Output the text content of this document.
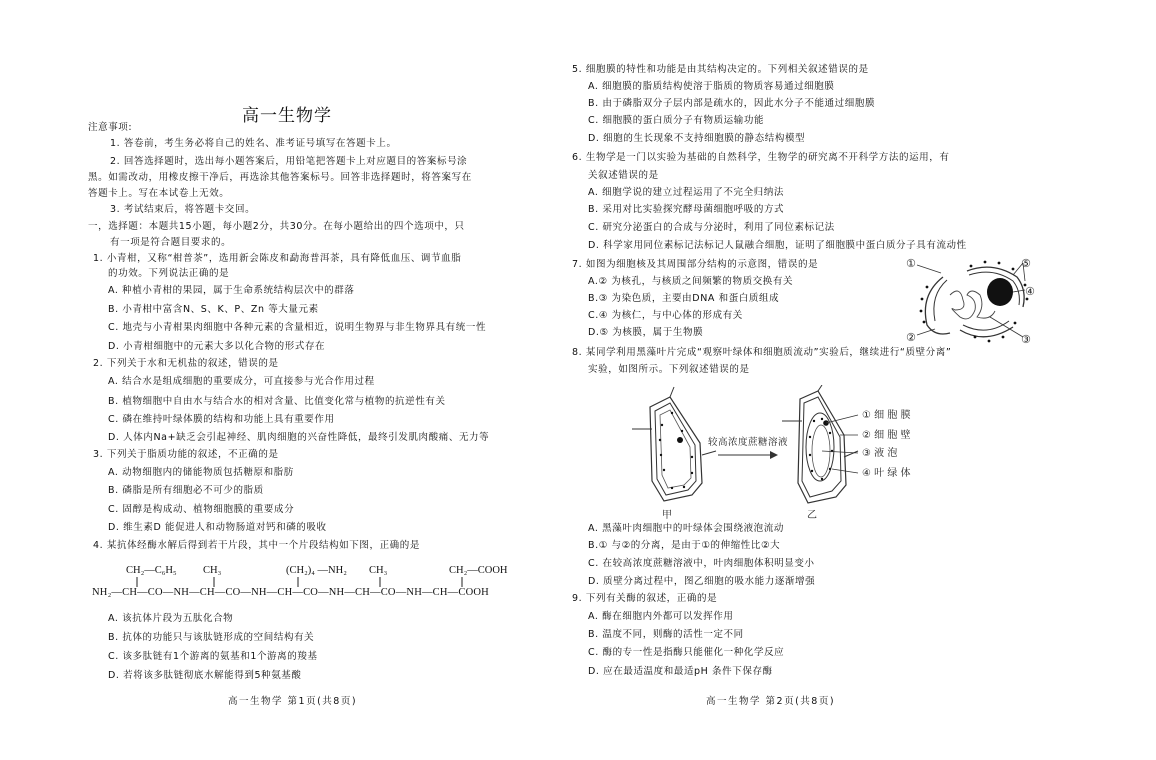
高一生物学
注意事项:
1. 答卷前，考生务必将自己的姓名、准考证号填写在答题卡上。
2. 回答选择题时，选出每小题答案后，用铅笔把答题卡上对应题目的答案标号涂
黑。如需改动，用橡皮擦干净后，再选涂其他答案标号。回答非选择题时，将答案写在
答题卡上。写在本试卷上无效。
3. 考试结束后，将答题卡交回。
一，选择题：本题共15小题，每小题2分，共30分。在每小题给出的四个选项中，只
有一项是符合题目要求的。
1. 小青柑，又称“柑普茶”，选用新会陈皮和勐海普洱茶，具有降低血压、调节血脂
的功效。下列说法正确的是
A. 种植小青柑的果园，属于生命系统结构层次中的群落
B. 小青柑中富含N、S、K、P、Zn 等大量元素
C. 地壳与小青柑果肉细胞中各种元素的含量相近，说明生物界与非生物界具有统一性
D. 小青柑细胞中的元素大多以化合物的形式存在
2. 下列关于水和无机盐的叙述，错误的是
A. 结合水是组成细胞的重要成分，可直接参与光合作用过程
B. 植物细胞中自由水与结合水的相对含量、比值变化常与植物的抗逆性有关
C. 磷在维持叶绿体膜的结构和功能上具有重要作用
D. 人体内Na+缺乏会引起神经、肌肉细胞的兴奋性降低，最终引发肌肉酸痛、无力等
3. 下列关于脂质功能的叙述，不正确的是
A. 动物细胞内的储能物质包括糖原和脂肪
B. 磷脂是所有细胞必不可少的脂质
C. 固醇是构成动、植物细胞膜的重要成分
D. 维生素D 能促进人和动物肠道对钙和磷的吸收
4. 某抗体经酶水解后得到若干片段，其中一个片段结构如下图，正确的是
CH₂—C₆H₅	CH₃	(CH₂)₄ —NH₂ CH₃	CH₂—COOH
NH₂—CH—CO—NH—CH—CO—NH—CH—CO—NH—CH—CO—NH—CH—COOH
A. 该抗体片段为五肽化合物
B. 抗体的功能只与该肽链形成的空间结构有关
C. 该多肽链有1个游离的氨基和1个游离的羧基
D. 若将该多肽链彻底水解能得到5种氨基酸
高一生物学 第1页(共8页)
5. 细胞膜的特性和功能是由其结构决定的。下列相关叙述错误的是
A. 细胞膜的脂质结构使溶于脂质的物质容易通过细胞膜
B. 由于磷脂双分子层内部是疏水的，因此水分子不能通过细胞膜
C. 细胞膜的蛋白质分子有物质运输功能
D. 细胞的生长现象不支持细胞膜的静态结构模型
6. 生物学是一门以实验为基础的自然科学，生物学的研究离不开科学方法的运用，有
关叙述错误的是
A. 细胞学说的建立过程运用了不完全归纳法
B. 采用对比实验探究酵母菌细胞呼吸的方式
C. 研究分泌蛋白的合成与分泌时，利用了同位素标记法
D. 科学家用同位素标记法标记人鼠融合细胞，证明了细胞膜中蛋白质分子具有流动性
7. 如图为细胞核及其周围部分结构的示意图，错误的是
A.② 为核孔，与核质之间频繁的物质交换有关
B.③ 为染色质，主要由DNA 和蛋白质组成
C.④ 为核仁，与中心体的形成有关
D.⑤ 为核膜，属于生物膜
①
②	③
④
⑤
8. 某同学利用黑藻叶片完成“观察叶绿体和细胞质流动”实验后，继续进行“质壁分离”
实验，如图所示。下列叙述错误的是
较高浓度蔗糖溶液
甲	乙
① 细 胞 膜
② 细 胞 壁
③ 液 泡
④ 叶 绿 体
A. 黑藻叶肉细胞中的叶绿体会围绕液泡流动
B.① 与②的分离，是由于①的伸缩性比②大
C. 在较高浓度蔗糖溶液中，叶肉细胞体积明显变小
D. 质壁分离过程中，图乙细胞的吸水能力逐渐增强
9. 下列有关酶的叙述，正确的是
A. 酶在细胞内外都可以发挥作用
B. 温度不同，则酶的活性一定不同
C. 酶的专一性是指酶只能催化一种化学反应
D. 应在最适温度和最适pH 条件下保存酶
高一生物学 第2页(共8页)
